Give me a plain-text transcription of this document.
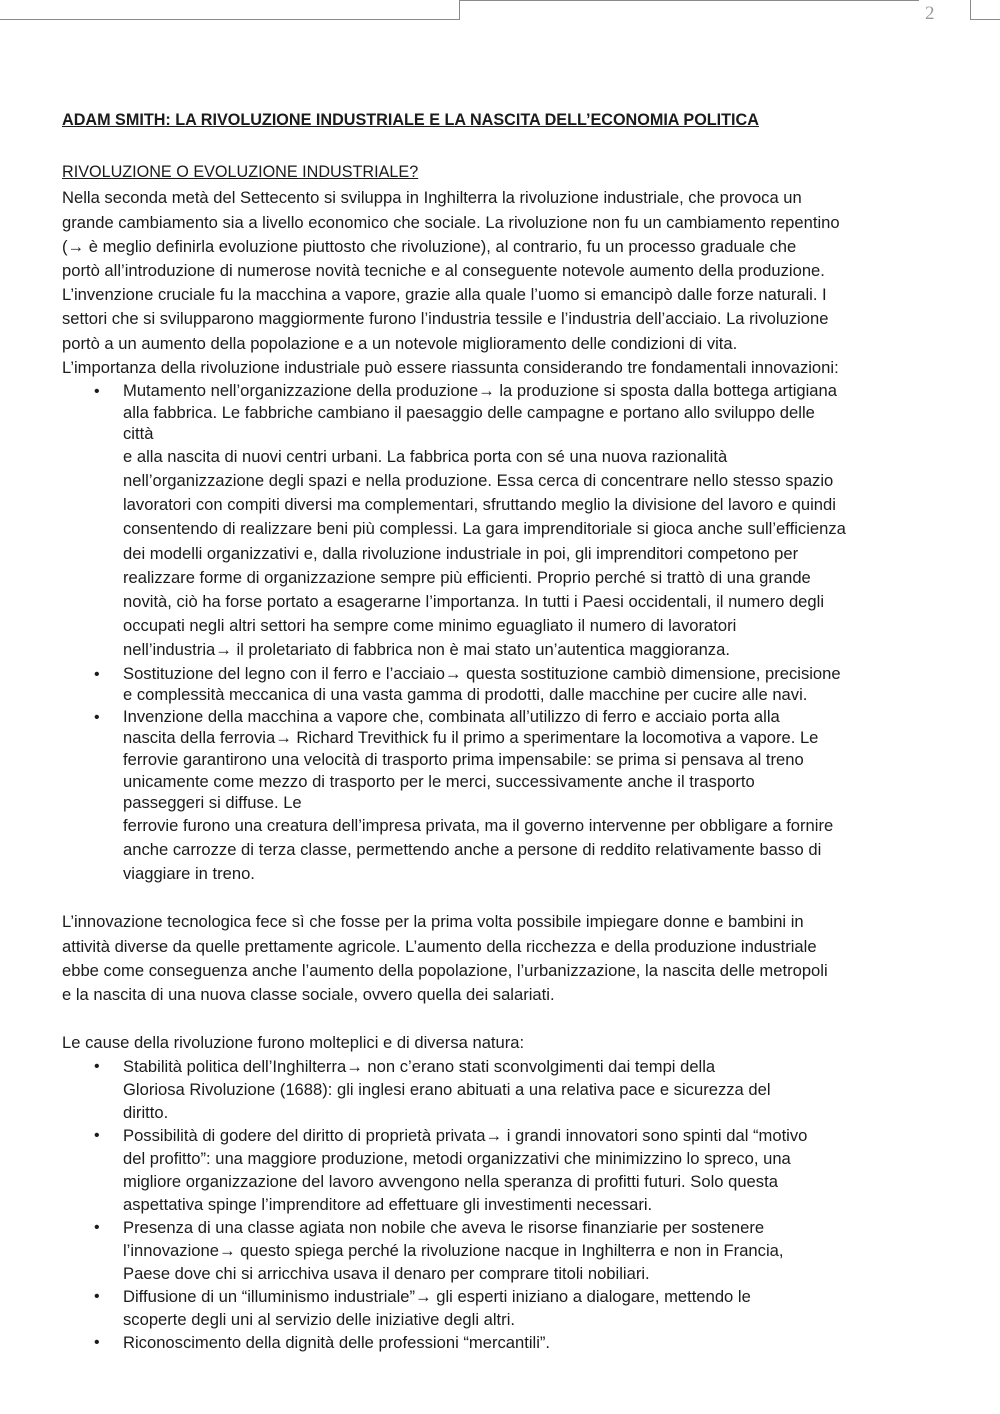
2

ADAM SMITH: LA RIVOLUZIONE INDUSTRIALE E LA NASCITA DELL’ECONOMIA POLITICA

RIVOLUZIONE O EVOLUZIONE INDUSTRIALE?

Nella seconda metà del Settecento si sviluppa in Inghilterra la rivoluzione industriale, che provoca un
grande cambiamento sia a livello economico che sociale. La rivoluzione non fu un cambiamento repentino
(→ è meglio definirla evoluzione piuttosto che rivoluzione), al contrario, fu un processo graduale che
portò all’introduzione di numerose novità tecniche e al conseguente notevole aumento della produzione.
L’invenzione cruciale fu la macchina a vapore, grazie alla quale l’uomo si emancipò dalle forze naturali. I
settori che si svilupparono maggiormente furono l’industria tessile e l’industria dell’acciaio. La rivoluzione
portò a un aumento della popolazione e a un notevole miglioramento delle condizioni di vita.
L’importanza della rivoluzione industriale può essere riassunta considerando tre fondamentali innovazioni:
• Mutamento nell’organizzazione della produzione→ la produzione si sposta dalla bottega artigiana
alla fabbrica. Le fabbriche cambiano il paesaggio delle campagne e portano allo sviluppo delle
città
e alla nascita di nuovi centri urbani. La fabbrica porta con sé una nuova razionalità
nell’organizzazione degli spazi e nella produzione. Essa cerca di concentrare nello stesso spazio
lavoratori con compiti diversi ma complementari, sfruttando meglio la divisione del lavoro e quindi
consentendo di realizzare beni più complessi. La gara imprenditoriale si gioca anche sull’efficienza
dei modelli organizzativi e, dalla rivoluzione industriale in poi, gli imprenditori competono per
realizzare forme di organizzazione sempre più efficienti. Proprio perché si trattò di una grande
novità, ciò ha forse portato a esagerarne l’importanza. In tutti i Paesi occidentali, il numero degli
occupati negli altri settori ha sempre come minimo eguagliato il numero di lavoratori
nell’industria→ il proletariato di fabbrica non è mai stato un’autentica maggioranza.
• Sostituzione del legno con il ferro e l’acciaio→ questa sostituzione cambiò dimensione, precisione
e complessità meccanica di una vasta gamma di prodotti, dalle macchine per cucire alle navi.
• Invenzione della macchina a vapore che, combinata all’utilizzo di ferro e acciaio porta alla
nascita della ferrovia→ Richard Trevithick fu il primo a sperimentare la locomotiva a vapore. Le
ferrovie garantirono una velocità di trasporto prima impensabile: se prima si pensava al treno
unicamente come mezzo di trasporto per le merci, successivamente anche il trasporto
passeggeri si diffuse. Le
ferrovie furono una creatura dell’impresa privata, ma il governo intervenne per obbligare a fornire
anche carrozze di terza classe, permettendo anche a persone di reddito relativamente basso di
viaggiare in treno.
L’innovazione tecnologica fece sì che fosse per la prima volta possibile impiegare donne e bambini in
attività diverse da quelle prettamente agricole. L’aumento della ricchezza e della produzione industriale
ebbe come conseguenza anche l’aumento della popolazione, l’urbanizzazione, la nascita delle metropoli
e la nascita di una nuova classe sociale, ovvero quella dei salariati.

Le cause della rivoluzione furono molteplici e di diversa natura:

• Stabilità politica dell’Inghilterra→ non c’erano stati sconvolgimenti dai tempi della
Gloriosa Rivoluzione (1688): gli inglesi erano abituati a una relativa pace e sicurezza del
diritto.
• Possibilità di godere del diritto di proprietà privata→ i grandi innovatori sono spinti dal “motivo
del profitto”: una maggiore produzione, metodi organizzativi che minimizzino lo spreco, una
migliore organizzazione del lavoro avvengono nella speranza di profitti futuri. Solo questa
aspettativa spinge l’imprenditore ad effettuare gli investimenti necessari.
• Presenza di una classe agiata non nobile che aveva le risorse finanziarie per sostenere
l’innovazione→ questo spiega perché la rivoluzione nacque in Inghilterra e non in Francia,
Paese dove chi si arricchiva usava il denaro per comprare titoli nobiliari.
• Diffusione di un “illuminismo industriale”→ gli esperti iniziano a dialogare, mettendo le
scoperte degli uni al servizio delle iniziative degli altri.
• Riconoscimento della dignità delle professioni “mercantili”.
